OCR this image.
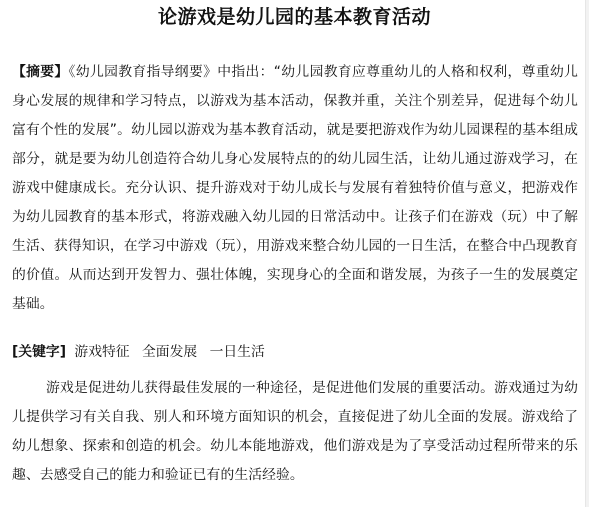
论游戏是幼儿园的基本教育活动
【摘要】《幼儿园教育指导纲要》中指出：“幼儿园教育应尊重幼儿的人格和权利，尊重幼儿身心发展的规律和学习特点，以游戏为基本活动，保教并重，关注个别差异，促进每个幼儿富有个性的发展”。幼儿园以游戏为基本教育活动，就是要把游戏作为幼儿园课程的基本组成部分，就是要为幼儿创造符合幼儿身心发展特点的的幼儿园生活，让幼儿通过游戏学习，在游戏中健康成长。充分认识、提升游戏对于幼儿成长与发展有着独特价值与意义，把游戏作为幼儿园教育的基本形式，将游戏融入幼儿园的日常活动中。让孩子们在游戏（玩）中了解生活、获得知识，在学习中游戏（玩），用游戏来整合幼儿园的一日生活，在整合中凸现教育的价值。从而达到开发智力、强壮体魄，实现身心的全面和谐发展，为孩子一生的发展奠定基础。
[关键字] 游戏特征 全面发展 一日生活
游戏是促进幼儿获得最佳发展的一种途径，是促进他们发展的重要活动。游戏通过为幼儿提供学习有关自我、别人和环境方面知识的机会，直接促进了幼儿全面的发展。游戏给了幼儿想象、探索和创造的机会。幼儿本能地游戏，他们游戏是为了享受活动过程所带来的乐趣、去感受自己的能力和验证已有的生活经验。
